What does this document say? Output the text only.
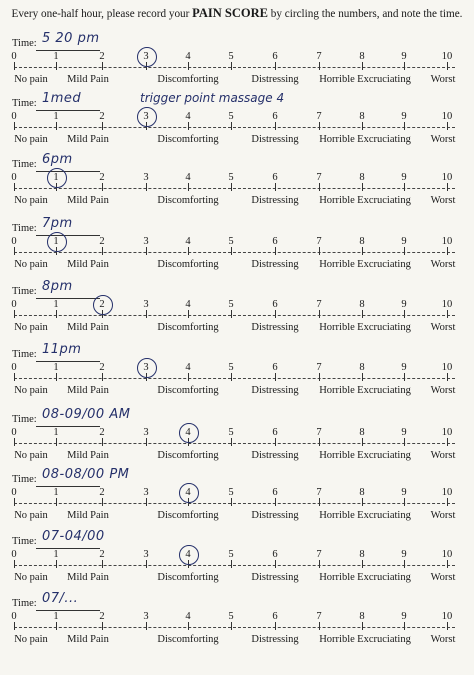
Every one-half hour, please record your PAIN SCORE by circling the numbers, and note the time.
Time: 5 20 pm
0	1	2	3	4	5	6	7	8	9	10
No pain Mild Pain	Discomforting	Distressing Horrible Excruciating Worst
Time: 1med	trigger point massage 4
0	1	2	3	4	5	6	7	8	9	10
No pain Mild Pain	Discomforting	Distressing Horrible Excruciating Worst
Time: 6pm
0	1	2	3	4	5	6	7	8	9	10
No pain Mild Pain	Discomforting	Distressing Horrible Excruciating Worst
Time: 7pm
0	1	2	3	4	5	6	7	8	9	10
No pain Mild Pain	Discomforting	Distressing Horrible Excruciating Worst
Time: 8pm
0	1	2	3	4	5	6	7	8	9	10
No pain Mild Pain	Discomforting	Distressing Horrible Excruciating Worst
Time: 11pm
0	1	2	3	4	5	6	7	8	9	10
No pain Mild Pain	Discomforting	Distressing Horrible Excruciating Worst
Time: 08-09/00 AM
0	1	2	3	4	5	6	7	8	9	10
No pain Mild Pain	Discomforting	Distressing Horrible Excruciating Worst
Time: 08-08/00 PM
0	1	2	3	4	5	6	7	8	9	10
No pain Mild Pain	Discomforting	Distressing Horrible Excruciating Worst
Time: 07-04/00
0	1	2	3	4	5	6	7	8	9	10
No pain Mild Pain	Discomforting	Distressing Horrible Excruciating Worst
Time: 07/...
0	1	2	3	4	5	6	7	8	9	10
No pain Mild Pain	Discomforting	Distressing Horrible Excruciating Worst
